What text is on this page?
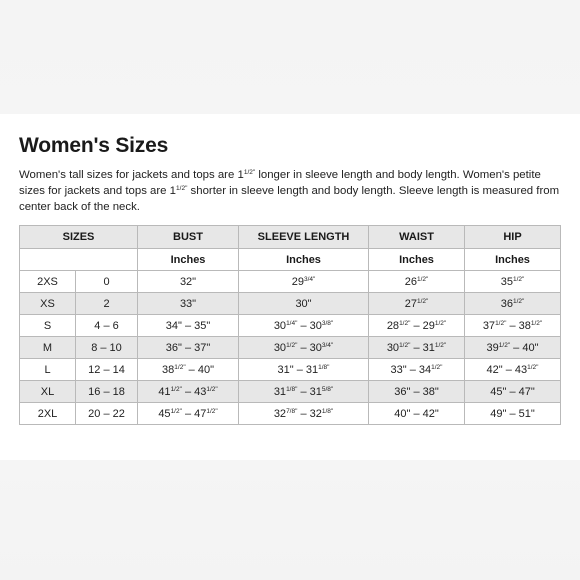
Women's Sizes

Women's tall sizes for jackets and tops are $1^{1/2"}$ longer in sleeve length and body length. Women's petite sizes for jackets and tops are $1^{1/2"}$ shorter in sleeve length and body length. Sleeve length is measured from center back of the neck.

SIZES		BUST	SLEEVE LENGTH	WAIST	HIP
		Inches	Inches	Inches	Inches
2XS	0	32"	$29^{3/4"}$	$26^{1/2"}$	$35^{1/2"}$
XS	2	33"	30"	$27^{1/2"}$	$36^{1/2"}$
S	4 – 6	34" – 35"	$30^{1/4"} - 30^{3/8"}$	$28^{1/2"} - 29^{1/2"}$	$37^{1/2"} - 38^{1/2"}$
M	8 – 10	36" – 37"	$30^{1/2"} - 30^{3/4"}$	$30^{1/2"} - 31^{1/2"}$	$39^{1/2"} - 40$"
L	12 – 14	$38^{1/2"} - 40$"	31" – $31^{1/8"}$	33" – $34^{1/2"}$	42" – $43^{1/2"}$
XL	16 – 18	$41^{1/2"} - 43^{1/2"}$	$31^{1/8"} - 31^{5/8"}$	36" – 38"	45" – 47"
2XL	20 – 22	$45^{1/2"} - 47^{1/2"}$	$32^{7/8"} - 32^{1/8"}$	40" – 42"	49" – 51"
